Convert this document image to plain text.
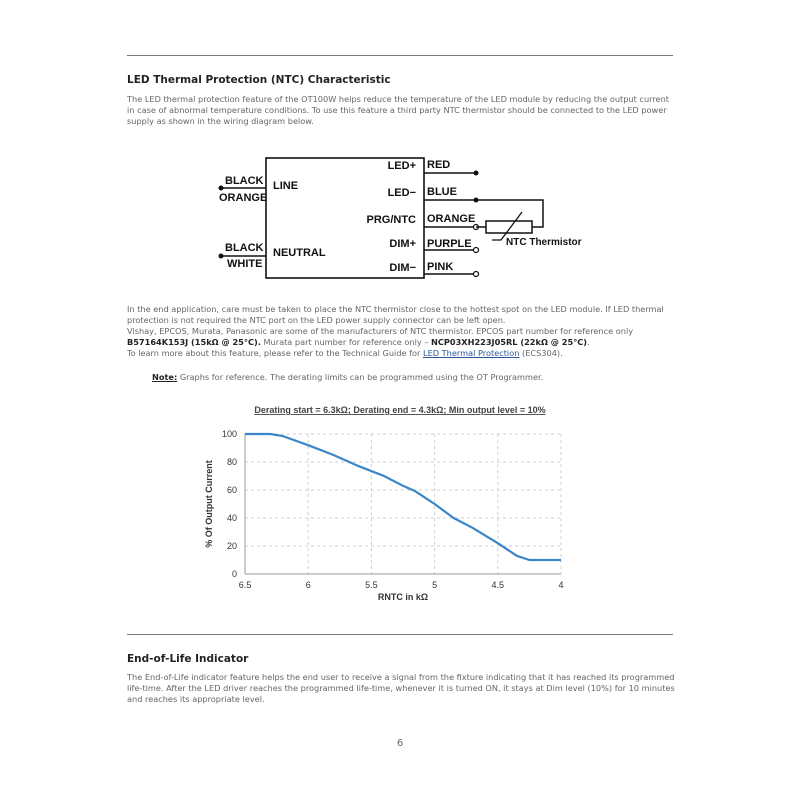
LED Thermal Protection (NTC) Characteristic

The LED thermal protection feature of the OT100W helps reduce the temperature of the LED module by reducing the output current in case of abnormal temperature conditions. To use this feature a third party NTC thermistor should be connected to the LED power supply as shown in the wiring diagram below.

BLACK
ORANGE
BLACK
WHITE
LINE
NEUTRAL
LED+
LED−
PRG/NTC
DIM+
DIM−
RED
BLUE
ORANGE
PURPLE
PINK
NTC Thermistor

In the end application, care must be taken to place the NTC thermistor close to the hottest spot on the LED module. If LED thermal protection is not required the NTC port on the LED power supply connector can be left open.

Vishay, EPCOS, Murata, Panasonic are some of the manufacturers of NTC thermistor. EPCOS part number for reference only

B57164K153J (15kΩ @ 25°C). Murata part number for reference only – NCP03XH223J05RL (22kΩ @ 25°C).

To learn more about this feature, please refer to the Technical Guide for LED Thermal Protection (ECS304).

Note: Graphs for reference. The derating limits can be programmed using the OT Programmer.
Derating start = 6.3kΩ; Derating end = 4.3kΩ; Min output level = 10%
0
20
40
60
80
100
6.5	6	5.5	5	4.5	4
RNTC in kΩ
% Of Output Current
End-of-Life Indicator

The End-of-Life indicator feature helps the end user to receive a signal from the fixture indicating that it has reached its programmed life-time. After the LED driver reaches the programmed life-time, whenever it is turned ON, it stays at Dim level (10%) for 10 minutes and reaches its appropriate level.

6
